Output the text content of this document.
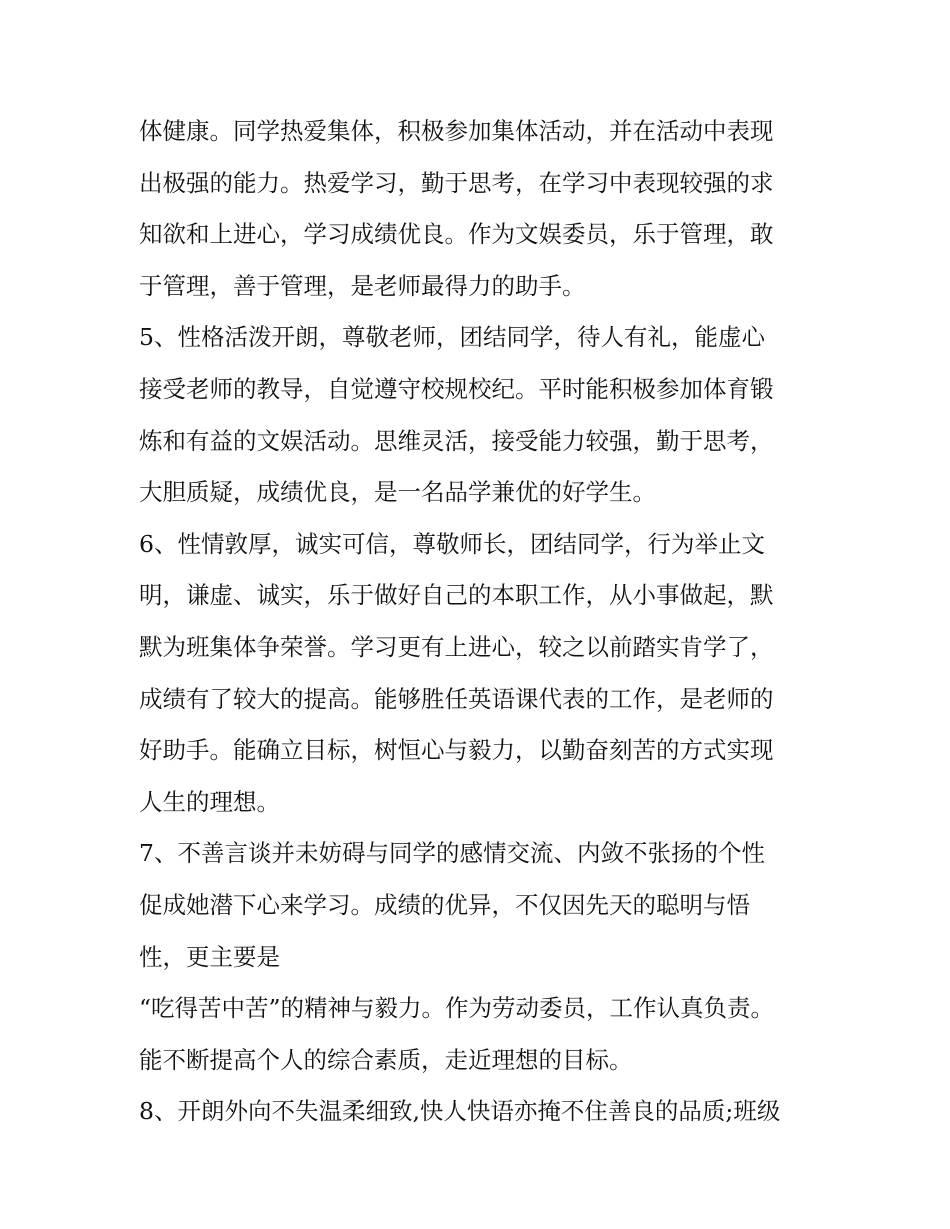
体健康。同学热爱集体，积极参加集体活动，并在活动中表现
出极强的能力。热爱学习，勤于思考，在学习中表现较强的求
知欲和上进心，学习成绩优良。作为文娱委员，乐于管理，敢
于管理，善于管理，是老师最得力的助手。
5、性格活泼开朗，尊敬老师，团结同学，待人有礼，能虚心
接受老师的教导，自觉遵守校规校纪。平时能积极参加体育锻
炼和有益的文娱活动。思维灵活，接受能力较强，勤于思考，
大胆质疑，成绩优良，是一名品学兼优的好学生。
6、性情敦厚，诚实可信，尊敬师长，团结同学，行为举止文
明，谦虚、诚实，乐于做好自己的本职工作，从小事做起，默
默为班集体争荣誉。学习更有上进心，较之以前踏实肯学了，
成绩有了较大的提高。能够胜任英语课代表的工作，是老师的
好助手。能确立目标，树恒心与毅力，以勤奋刻苦的方式实现
人生的理想。
7、不善言谈并未妨碍与同学的感情交流、内敛不张扬的个性
促成她潜下心来学习。成绩的优异，不仅因先天的聪明与悟
性，更主要是
“吃得苦中苦”的精神与毅力。作为劳动委员，工作认真负责。
能不断提高个人的综合素质，走近理想的目标。
8、开朗外向不失温柔细致,快人快语亦掩不住善良的品质;班级
